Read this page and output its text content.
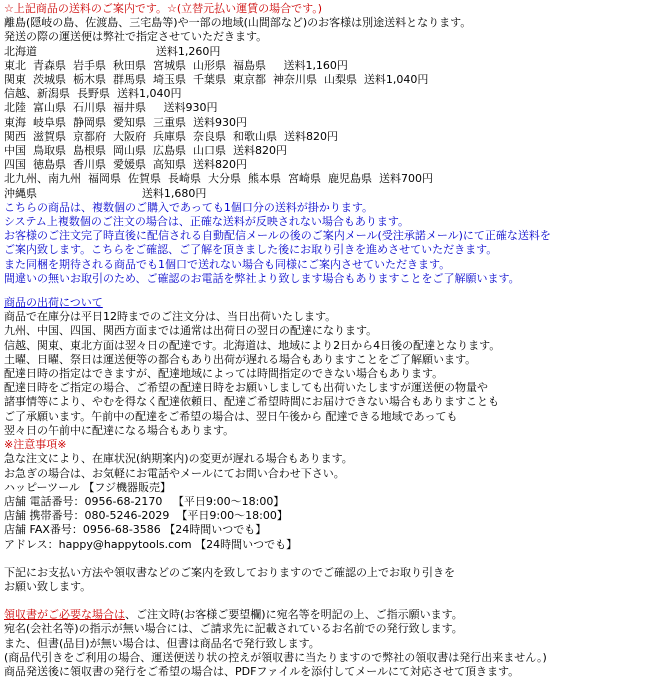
☆上記商品の送料のご案内です。☆(立替元払い運賃の場合です。)
離島(隠岐の島、佐渡島、三宅島等)や一部の地域(山間部など)のお客様は別途送料となります。
発送の際の運送便は弊社で指定させていただきます。
北海道                                  送料1,260円
東北  青森県  岩手県  秋田県  宮城県  山形県  福島県     送料1,160円
関東  茨城県  栃木県  群馬県  埼玉県  千葉県  東京都  神奈川県  山梨県  送料1,040円
信越、新潟県  長野県  送料1,040円
北陸  富山県  石川県  福井県     送料930円
東海  岐阜県  静岡県  愛知県  三重県  送料930円
関西  滋賀県  京都府  大阪府  兵庫県  奈良県  和歌山県  送料820円
中国  鳥取県  島根県  岡山県  広島県  山口県  送料820円
四国  徳島県  香川県  愛媛県  高知県  送料820円
北九州、南九州  福岡県  佐賀県  長崎県  大分県  熊本県  宮崎県  鹿児島県  送料700円
沖縄県                              送料1,680円
こちらの商品は、複数個のご購入であっても1個口分の送料が掛かります。
システム上複数個のご注文の場合は、正確な送料が反映されない場合もあります。
お客様のご注文完了時直後に配信される自動配信メールの後のご案内メール(受注承諾メール)にて正確な送料を
ご案内致します。こちらをご確認、ご了解を頂きました後にお取り引きを進めさせていただきます。
また同梱を期待される商品でも1個口で送れない場合も同様にご案内させていただきます。
間違いの無いお取引のため、ご確認のお電話を弊社より致します場合もありますことをご了解願います。
商品の出荷について
商品で在庫分は平日12時までのご注文分は、当日出荷いたします。
九州、中国、四国、関西方面までは通常は出荷日の翌日の配達になります。
信越、関東、東北方面は翌々日の配達です。北海道は、地域により2日から4日後の配達となります。
土曜、日曜、祭日は運送便等の都合もあり出荷が遅れる場合もありますことをご了解願います。
配達日時の指定はできますが、配達地域によっては時間指定のできない場合もあります。
配達日時をご指定の場合、ご希望の配達日時をお願いしましても出荷いたしますが運送便の物量や
諸事情等により、やむを得なく配達依頼日、配達ご希望時間にお届けできない場合もありますことも
ご了承願います。午前中の配達をご希望の場合は、翌日午後から 配達できる地域であっても
翌々日の午前中に配達になる場合もあります。
※注意事項※
急な注文により、在庫状況(納期案内)の変更が遅れる場合もあります。
お急ぎの場合は、お気軽にお電話やメールにてお問い合わせ下さい。
ハッピーツール 【フジ機器販売】
店舗 電話番号：0956-68-2170   【平日9:00～18:00】
店舗 携帯番号：080-5246-2029  【平日9:00～18:00】
店舗 FAX番号：0956-68-3586 【24時間いつでも】
アドレス：happy@happytools.com 【24時間いつでも】
下記にお支払い方法や領収書などのご案内を致しておりますのでご確認の上でお取り引きを
お願い致します。
領収書がご必要な場合は、ご注文時(お客様ご要望欄)に宛名等を明記の上、ご指示願います。
宛名(会社名等)の指示が無い場合には、ご請求先に記載されているお名前での発行致します。
また、但書(品目)が無い場合は、但書は商品名で発行致します。
(商品代引きをご利用の場合、運送便送り状の控えが領収書に当たりますので弊社の領収書は発行出来ません。)
商品発送後に領収書の発行をご希望の場合は、PDFファイルを添付してメールにて対応させて頂きます。
